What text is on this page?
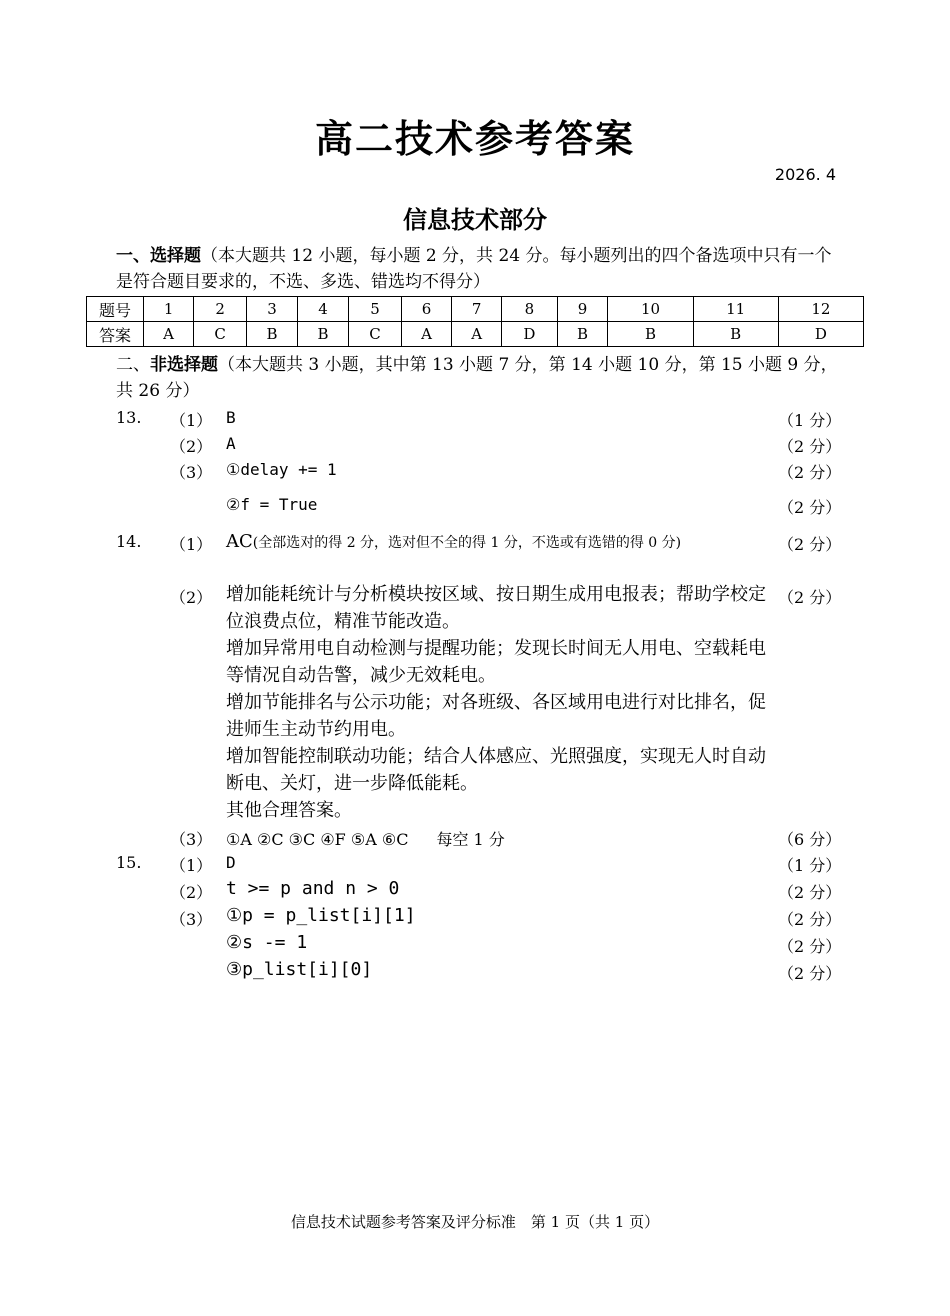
高二技术参考答案
2026. 4
信息技术部分
一、选择题（本大题共 12 小题，每小题 2 分，共 24 分。每小题列出的四个备选项中只有一个是符合题目要求的，不选、多选、错选均不得分）
题号	1	2	3	4	5	6	7	8	9	10	11	12
答案	A	C	B	B	C	A	A	D	B	B	B	D
二、非选择题（本大题共 3 小题，其中第 13 小题 7 分，第 14 小题 10 分，第 15 小题 9 分，共 26 分）
13. （1） B	（1 分）
（2） A	（2 分）
（3） ①delay += 1	（2 分）
②f = True	（2 分）
14. （1） AC(全部选对的得 2 分，选对但不全的得 1 分，不选或有选错的得 0 分)	（2 分）
（2） 增加能耗统计与分析模块按区域、按日期生成用电报表；帮助学校定位浪费点位，精准节能改造。
增加异常用电自动检测与提醒功能；发现长时间无人用电、空载耗电等情况自动告警，减少无效耗电。
增加节能排名与公示功能；对各班级、各区域用电进行对比排名，促进师生主动节约用电。
增加智能控制联动功能；结合人体感应、光照强度，实现无人时自动断电、关灯，进一步降低能耗。
其他合理答案。
（2 分）
（3） ①A ②C ③C ④F ⑤A ⑥C 每空 1 分	（6 分）
15. （1） D	（1 分）
（2） t >= p and n > 0	（2 分）
（3） ①p = p_list[i][1]	（2 分）
②s -= 1	（2 分）
③p_list[i][0]	（2 分）
信息技术试题参考答案及评分标准　第 1 页（共 1 页）
